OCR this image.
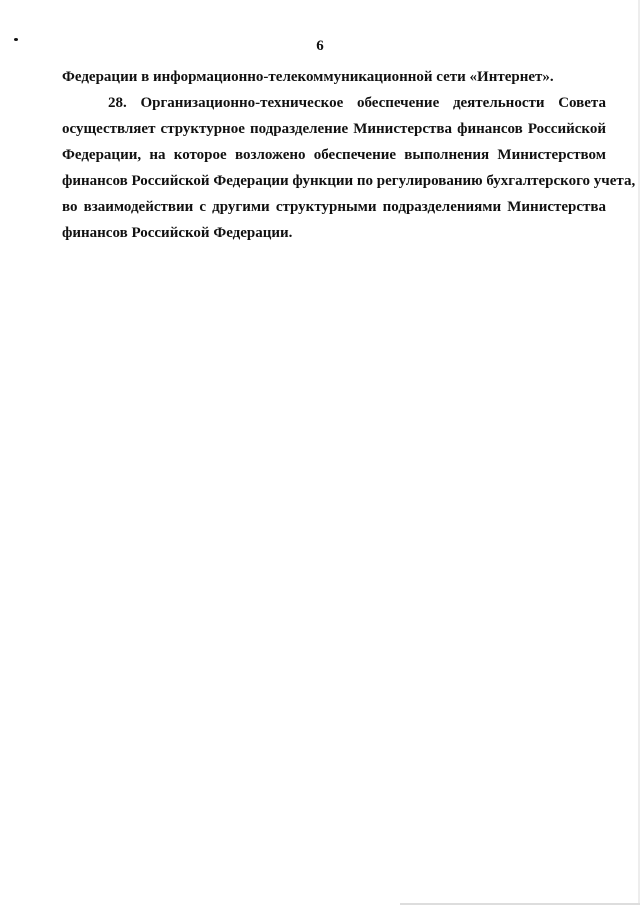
6
Федерации в информационно-телекоммуникационной сети «Интернет».
28. Организационно-техническое обеспечение деятельности Совета
осуществляет структурное подразделение Министерства финансов Российской
Федерации, на которое возложено обеспечение выполнения Министерством
финансов Российской Федерации функции по регулированию бухгалтерского учета,
во взаимодействии с другими структурными подразделениями Министерства
финансов Российской Федерации.
